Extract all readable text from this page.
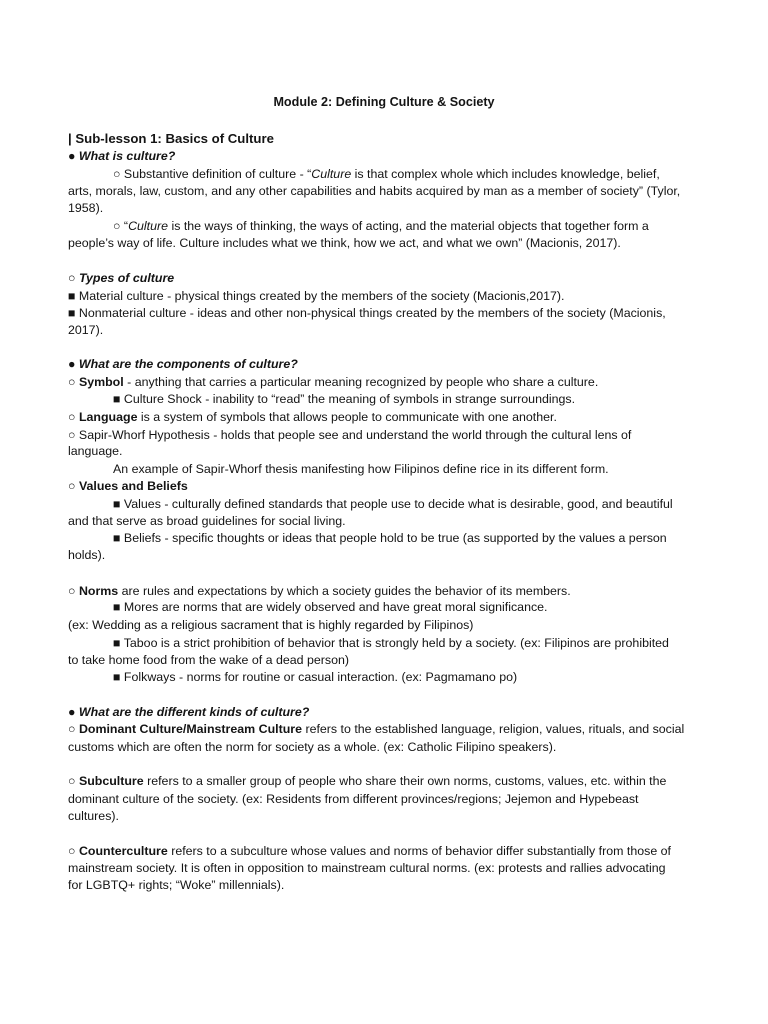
Module 2: Defining Culture & Society
| Sub-lesson 1: Basics of Culture
● What is culture?
○ Substantive definition of culture - “Culture is that complex whole which includes knowledge, belief,
arts, morals, law, custom, and any other capabilities and habits acquired by man as a member of society” (Tylor,
1958).
○ “Culture is the ways of thinking, the ways of acting, and the material objects that together form a
people’s way of life. Culture includes what we think, how we act, and what we own” (Macionis, 2017).
○ Types of culture
■ Material culture - physical things created by the members of the society (Macionis,2017).
■ Nonmaterial culture - ideas and other non-physical things created by the members of the society (Macionis,
2017).
● What are the components of culture?
○ Symbol - anything that carries a particular meaning recognized by people who share a culture.
■ Culture Shock - inability to “read” the meaning of symbols in strange surroundings.
○ Language is a system of symbols that allows people to communicate with one another.
○ Sapir-Whorf Hypothesis - holds that people see and understand the world through the cultural lens of
language.
An example of Sapir-Whorf thesis manifesting how Filipinos define rice in its different form.
○ Values and Beliefs
■ Values - culturally defined standards that people use to decide what is desirable, good, and beautiful
and that serve as broad guidelines for social living.
■ Beliefs - specific thoughts or ideas that people hold to be true (as supported by the values a person
holds).
○ Norms are rules and expectations by which a society guides the behavior of its members.
■ Mores are norms that are widely observed and have great moral significance.
(ex: Wedding as a religious sacrament that is highly regarded by Filipinos)
■ Taboo is a strict prohibition of behavior that is strongly held by a society. (ex: Filipinos are prohibited
to take home food from the wake of a dead person)
■ Folkways - norms for routine or casual interaction. (ex: Pagmamano po)
● What are the different kinds of culture?
○ Dominant Culture/Mainstream Culture refers to the established language, religion, values, rituals, and social
customs which are often the norm for society as a whole. (ex: Catholic Filipino speakers).
○ Subculture refers to a smaller group of people who share their own norms, customs, values, etc. within the
dominant culture of the society. (ex: Residents from different provinces/regions; Jejemon and Hypebeast
cultures).
○ Counterculture refers to a subculture whose values and norms of behavior differ substantially from those of
mainstream society. It is often in opposition to mainstream cultural norms. (ex: protests and rallies advocating
for LGBTQ+ rights; “Woke” millennials).
